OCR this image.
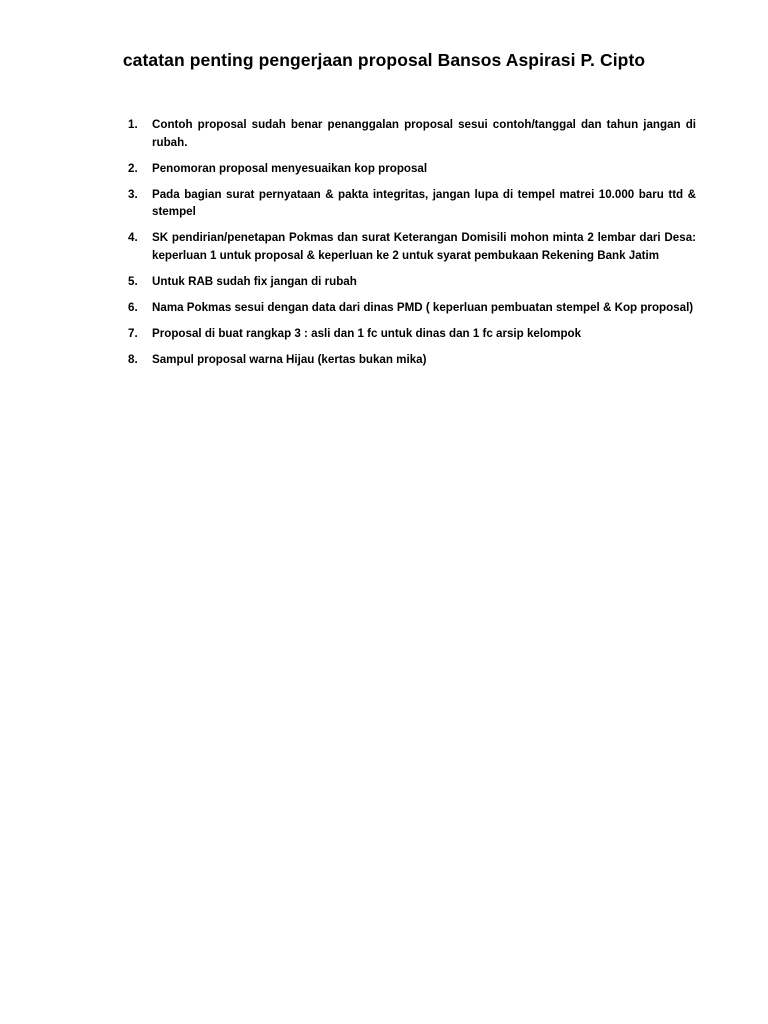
catatan penting pengerjaan proposal Bansos Aspirasi P. Cipto
1.	Contoh proposal sudah benar penanggalan proposal sesui contoh/tanggal dan tahun jangan di rubah.
2.	Penomoran proposal menyesuaikan kop proposal
3.	Pada bagian surat pernyataan & pakta integritas, jangan lupa di tempel matrei 10.000 baru ttd & stempel
4.	SK pendirian/penetapan Pokmas dan surat Keterangan Domisili mohon minta 2 lembar dari Desa: keperluan 1 untuk proposal & keperluan ke 2 untuk syarat pembukaan Rekening Bank Jatim
5.	Untuk RAB sudah fix jangan di rubah
6.	Nama Pokmas sesui dengan data dari dinas PMD ( keperluan pembuatan stempel & Kop proposal)
7.	Proposal di buat rangkap 3 : asli dan 1 fc untuk dinas dan 1 fc arsip kelompok
8.	Sampul proposal warna Hijau (kertas bukan mika)
